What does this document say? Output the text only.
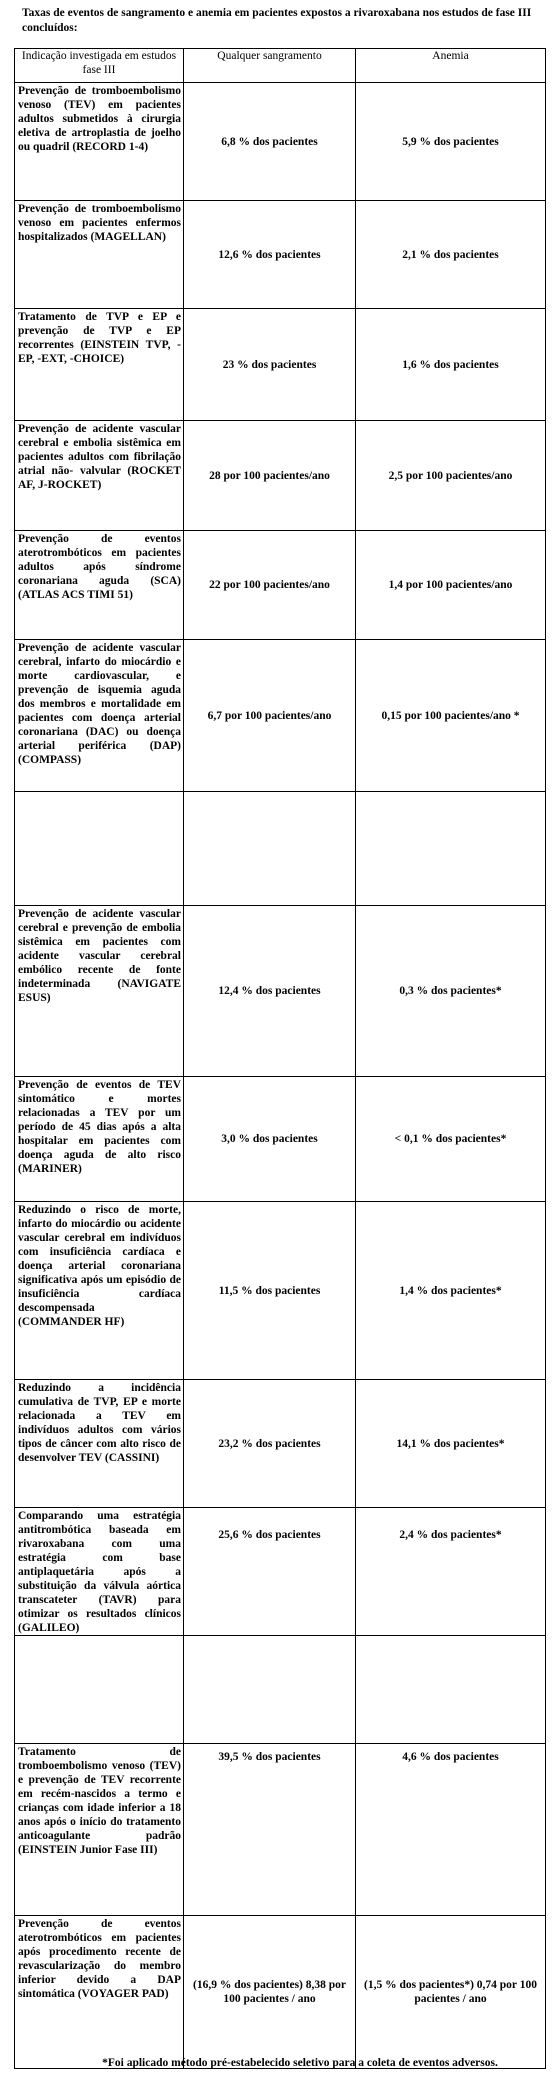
Taxas de eventos de sangramento e anemia em pacientes expostos a rivaroxabana nos estudos de fase III concluídos:
Indicação investigada em estudos fase III	Qualquer sangramento	Anemia
Prevenção de tromboembolismo venoso (TEV) em pacientes adultos submetidos à cirurgia eletiva de artroplastia de joelho ou quadril (RECORD 1-4)	6,8 % dos pacientes	5,9 % dos pacientes
Prevenção de tromboembolismo venoso em pacientes enfermos hospitalizados (MAGELLAN)	12,6 % dos pacientes	2,1 % dos pacientes
Tratamento de TVP e EP e prevenção de TVP e EP recorrentes (EINSTEIN TVP, -EP, -EXT, -CHOICE)	23 % dos pacientes	1,6 % dos pacientes
Prevenção de acidente vascular cerebral e embolia sistêmica em pacientes adultos com fibrilação atrial não- valvular (ROCKET AF, J-ROCKET)	28 por 100 pacientes/ano	2,5 por 100 pacientes/ano
Prevenção de eventos aterotrombóticos em pacientes adultos após síndrome coronariana aguda (SCA) (ATLAS ACS TIMI 51)	22 por 100 pacientes/ano	1,4 por 100 pacientes/ano
Prevenção de acidente vascular cerebral, infarto do miocárdio e morte cardiovascular, e prevenção de isquemia aguda dos membros e mortalidade em pacientes com doença arterial coronariana (DAC) ou doença arterial periférica (DAP) (COMPASS)	6,7 por 100 pacientes/ano	0,15 por 100 pacientes/ano *

Prevenção de acidente vascular cerebral e prevenção de embolia sistêmica em pacientes com acidente vascular cerebral embólico recente de fonte indeterminada (NAVIGATE ESUS)	12,4 % dos pacientes	0,3 % dos pacientes*
Prevenção de eventos de TEV sintomático e mortes relacionadas a TEV por um período de 45 dias após a alta hospitalar em pacientes com doença aguda de alto risco (MARINER)	3,0 % dos pacientes	< 0,1 % dos pacientes*
Reduzindo o risco de morte, infarto do miocárdio ou acidente vascular cerebral em indivíduos com insuficiência cardíaca e doença arterial coronariana significativa após um episódio de insuficiência cardíaca descompensada (COMMANDER HF)	11,5 % dos pacientes	1,4 % dos pacientes*
Reduzindo a incidência cumulativa de TVP, EP e morte relacionada a TEV em indivíduos adultos com vários tipos de câncer com alto risco de desenvolver TEV (CASSINI)	23,2 % dos pacientes	14,1 % dos pacientes*
Comparando uma estratégia antitrombótica baseada em rivaroxabana com uma estratégia com base antiplaquetária após a substituição da válvula aórtica transcateter (TAVR) para otimizar os resultados clínicos (GALILEO)	25,6 % dos pacientes	2,4 % dos pacientes*

Tratamento de tromboembolismo venoso (TEV) e prevenção de TEV recorrente em recém-nascidos a termo e crianças com idade inferior a 18 anos após o início do tratamento anticoagulante padrão (EINSTEIN Junior Fase III)	39,5 % dos pacientes	4,6 % dos pacientes
Prevenção de eventos aterotrombóticos em pacientes após procedimento recente de revascularização do membro inferior devido a DAP sintomática (VOYAGER PAD)	(16,9 % dos pacientes) 8,38 por 100 pacientes / ano	(1,5 % dos pacientes*) 0,74 por 100 pacientes / ano
*Foi aplicado método pré-estabelecido seletivo para a coleta de eventos adversos.
